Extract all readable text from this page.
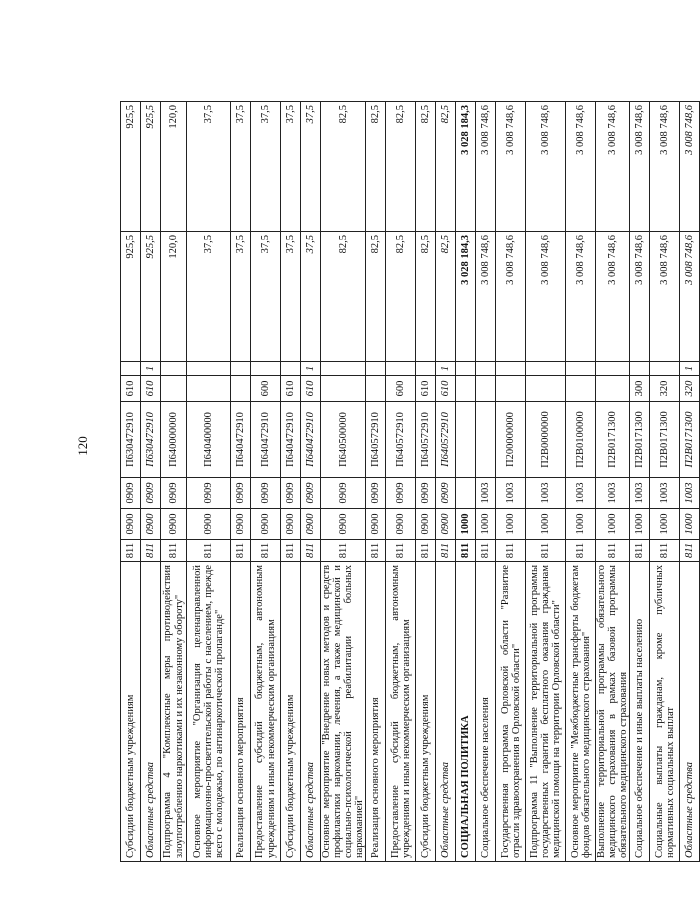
120
Субсидии бюджетным учреждениям	811	0900	0909	П630472910	610		925,5	925,5
Областные средства	811	0900	0909	П630472910	610	1	925,5	925,5
Подпрограмма 4 "Комплексные меры противодействия злоупотреблению наркотиками и их незаконному обороту"	811	0900	0909	П640000000			120,0	120,0
Основное мероприятие "Организация целенаправленной информационно-просветительской работы с населением, прежде всего с молодежью, по антинаркотической пропаганде"	811	0900	0909	П640400000			37,5	37,5
Реализация основного мероприятия	811	0900	0909	П640472910			37,5	37,5
Предоставление субсидий бюджетным, автономным учреждениям и иным некоммерческим организациям	811	0900	0909	П640472910	600		37,5	37,5
Субсидии бюджетным учреждениям	811	0900	0909	П640472910	610		37,5	37,5
Областные средства	811	0900	0909	П640472910	610	1	37,5	37,5
Основное мероприятие "Внедрение новых методов и средств профилактики наркомании, лечения, а также медицинской и социально-психологической реабилитации больных наркоманией"	811	0900	0909	П640500000			82,5	82,5
Реализация основного мероприятия	811	0900	0909	П640572910			82,5	82,5
Предоставление субсидий бюджетным, автономным учреждениям и иным некоммерческим организациям	811	0900	0909	П640572910	600		82,5	82,5
Субсидии бюджетным учреждениям	811	0900	0909	П640572910	610		82,5	82,5
Областные средства	811	0900	0909	П640572910	610	1	82,5	82,5
СОЦИАЛЬНАЯ ПОЛИТИКА	811	1000					3 028 184,3	3 028 184,3
Социальное обеспечение населения	811	1000	1003				3 008 748,6	3 008 748,6
Государственная программа Орловской области "Развитие отрасли здравоохранения в Орловской области"	811	1000	1003	П200000000			3 008 748,6	3 008 748,6
Подпрограмма 11 "Выполнение территориальной программы государственных гарантий бесплатного оказания гражданам медицинской помощи на территории Орловской области"	811	1000	1003	П2В0000000			3 008 748,6	3 008 748,6
Основное мероприятие "Межбюджетные трансферты бюджетам фондов обязательного медицинского страхования"	811	1000	1003	П2В0100000			3 008 748,6	3 008 748,6
Выполнение территориальной программы обязательного медицинского страхования в рамках базовой программы обязательного медицинского страхования	811	1000	1003	П2В0171300			3 008 748,6	3 008 748,6
Социальное обеспечение и иные выплаты населению	811	1000	1003	П2В0171300	300		3 008 748,6	3 008 748,6
Социальные выплаты гражданам, кроме публичных нормативных социальных выплат	811	1000	1003	П2В0171300	320		3 008 748,6	3 008 748,6
Областные средства	811	1000	1003	П2В0171300	320	1	3 008 748,6	3 008 748,6
